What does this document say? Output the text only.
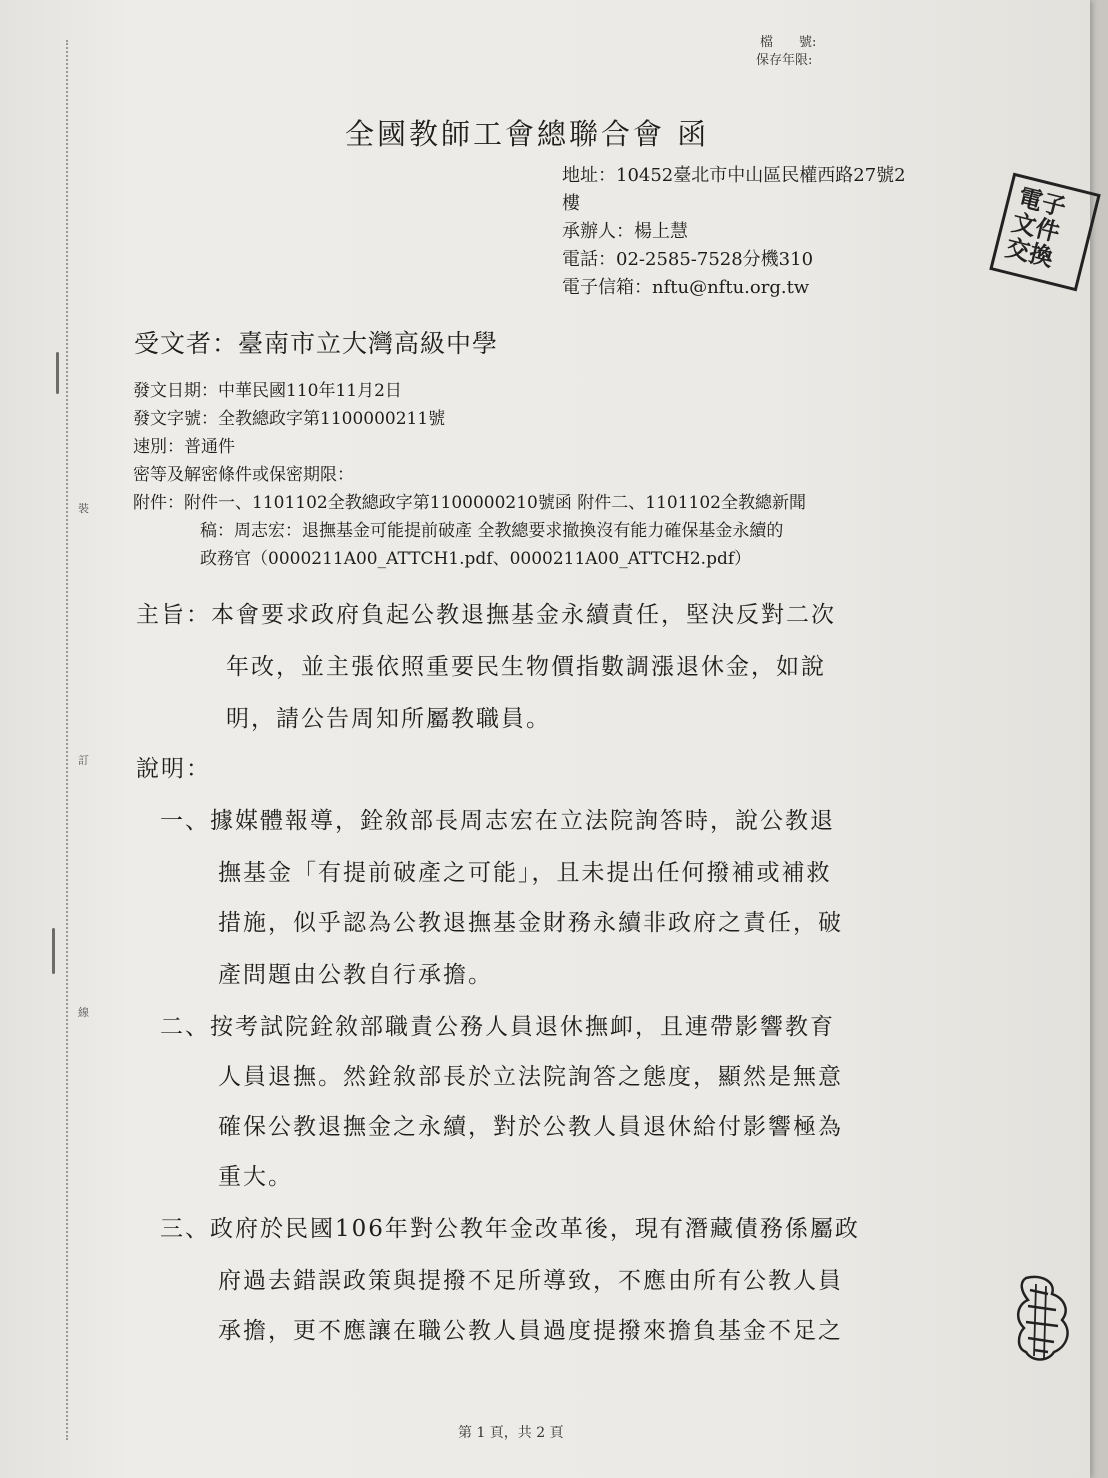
裝
訂
線
檔　　號:
保存年限:
全國教師工會總聯合會 函
地址：10452臺北市中山區民權西路27號2
樓
承辦人：楊上慧
電話：02-2585-7528分機310
電子信箱：nftu@nftu.org.tw
電子文件交換
受文者：臺南市立大灣高級中學
發文日期：中華民國110年11月2日
發文字號：全教總政字第1100000211號
速別：普通件
密等及解密條件或保密期限：
附件：附件一、1101102全教總政字第1100000210號函 附件二、1101102全教總新聞
稿：周志宏：退撫基金可能提前破產 全教總要求撤換沒有能力確保基金永續的
政務官（0000211A00_ATTCH1.pdf、0000211A00_ATTCH2.pdf）
主旨：本會要求政府負起公教退撫基金永續責任，堅決反對二次
年改，並主張依照重要民生物價指數調漲退休金，如說
明，請公告周知所屬教職員。
說明：
一、據媒體報導，銓敘部長周志宏在立法院詢答時，說公教退
撫基金「有提前破產之可能」，且未提出任何撥補或補救
措施，似乎認為公教退撫基金財務永續非政府之責任，破
產問題由公教自行承擔。
二、按考試院銓敘部職責公務人員退休撫卹，且連帶影響教育
人員退撫。然銓敘部長於立法院詢答之態度，顯然是無意
確保公教退撫金之永續，對於公教人員退休給付影響極為
重大。
三、政府於民國106年對公教年金改革後，現有潛藏債務係屬政
府過去錯誤政策與提撥不足所導致，不應由所有公教人員
承擔，更不應讓在職公教人員過度提撥來擔負基金不足之
第 1 頁，共 2 頁
